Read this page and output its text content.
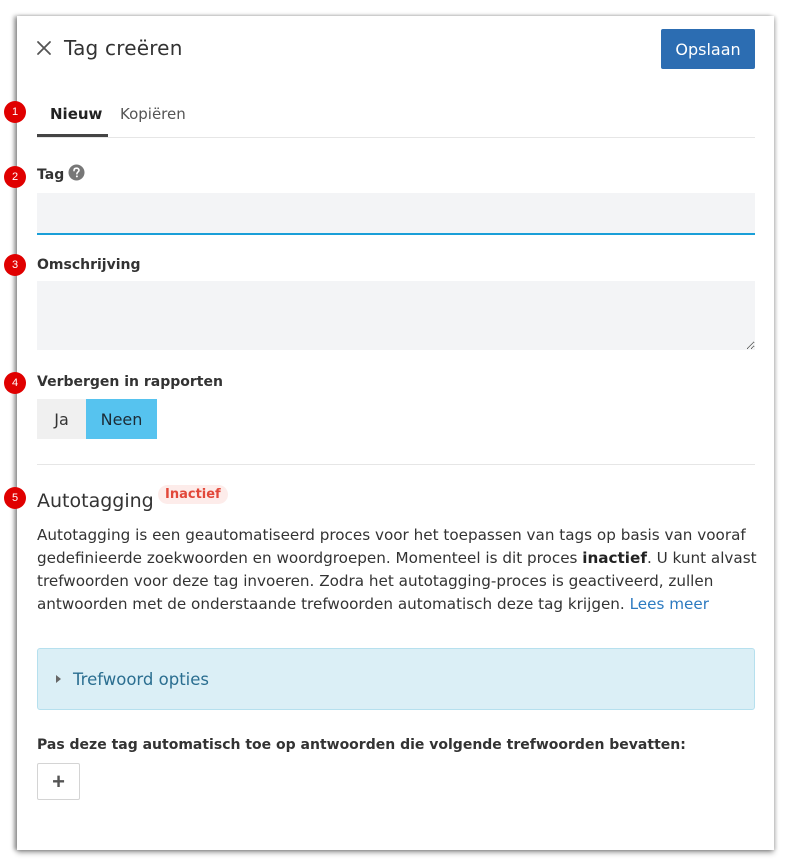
Tag creëren	Opslaan
1
2
3
4
5
Nieuw Kopiëren
Tag
Omschrijving
Verbergen in rapporten
Ja	Neen
Autotagging Inactief

Autotagging is een geautomatiseerd proces voor het toepassen van tags op basis van vooraf gedefinieerde zoekwoorden en woordgroepen. Momenteel is dit proces inactief. U kunt alvast trefwoorden voor deze tag invoeren. Zodra het autotagging-proces is geactiveerd, zullen antwoorden met de onderstaande trefwoorden automatisch deze tag krijgen. Lees meer

Trefwoord opties
Pas deze tag automatisch toe op antwoorden die volgende trefwoorden bevatten:
+
